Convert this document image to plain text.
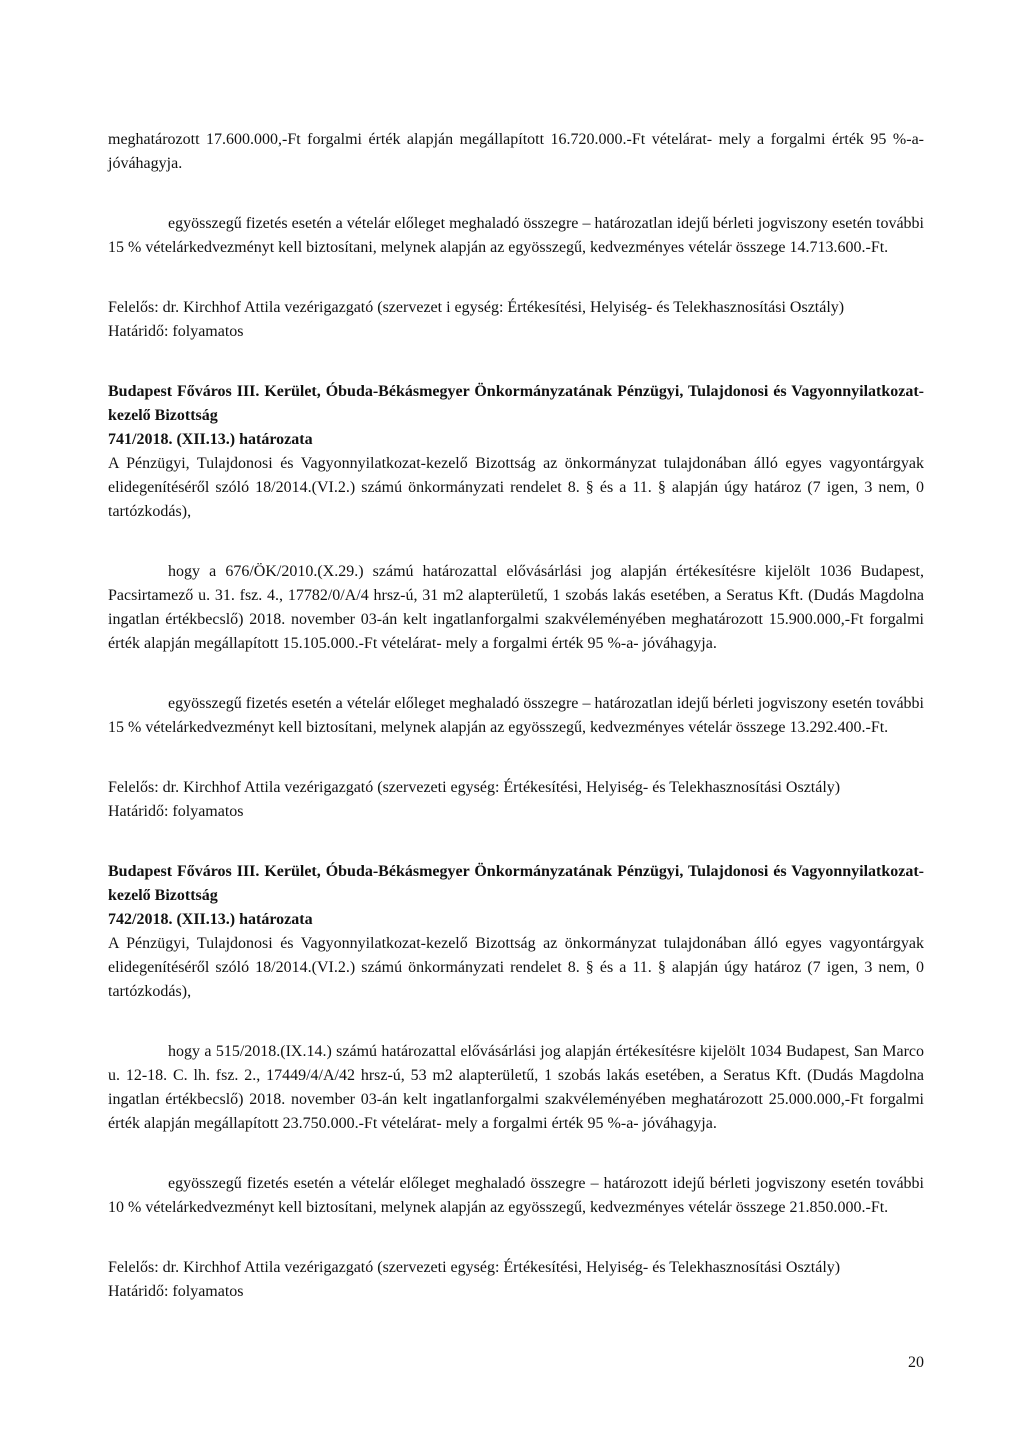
meghatározott 17.600.000,-Ft forgalmi érték alapján megállapított 16.720.000.-Ft vételárat- mely a forgalmi érték 95 %-a- jóváhagyja.

egyösszegű fizetés esetén a vételár előleget meghaladó összegre – határozatlan idejű bérleti jogviszony esetén további 15 % vételárkedvezményt kell biztosítani, melynek alapján az egyösszegű, kedvezményes vételár összege 14.713.600.-Ft.

Felelős: dr. Kirchhof Attila vezérigazgató (szervezet i egység: Értékesítési, Helyiség- és Telekhasznosítási Osztály)

Határidő: folyamatos

Budapest Főváros III. Kerület, Óbuda-Békásmegyer Önkormányzatának Pénzügyi, Tulajdonosi és Vagyonnyilatkozat-kezelő Bizottság

741/2018. (XII.13.) határozata

A Pénzügyi, Tulajdonosi és Vagyonnyilatkozat-kezelő Bizottság az önkormányzat tulajdonában álló egyes vagyontárgyak elidegenítéséről szóló 18/2014.(VI.2.) számú önkormányzati rendelet 8. § és a 11. § alapján úgy határoz (7 igen, 3 nem, 0 tartózkodás),

hogy a 676/ÖK/2010.(X.29.) számú határozattal elővásárlási jog alapján értékesítésre kijelölt 1036 Budapest, Pacsirtamező u. 31. fsz. 4., 17782/0/A/4 hrsz-ú, 31 m2 alapterületű, 1 szobás lakás esetében, a Seratus Kft. (Dudás Magdolna ingatlan értékbecslő) 2018. november 03-án kelt ingatlanforgalmi szakvéleményében meghatározott 15.900.000,-Ft forgalmi érték alapján megállapított 15.105.000.-Ft vételárat- mely a forgalmi érték 95 %-a- jóváhagyja.

egyösszegű fizetés esetén a vételár előleget meghaladó összegre – határozatlan idejű bérleti jogviszony esetén további 15 % vételárkedvezményt kell biztosítani, melynek alapján az egyösszegű, kedvezményes vételár összege 13.292.400.-Ft.

Felelős: dr. Kirchhof Attila vezérigazgató (szervezeti egység: Értékesítési, Helyiség- és Telekhasznosítási Osztály)

Határidő: folyamatos

Budapest Főváros III. Kerület, Óbuda-Békásmegyer Önkormányzatának Pénzügyi, Tulajdonosi és Vagyonnyilatkozat-kezelő Bizottság

742/2018. (XII.13.) határozata

A Pénzügyi, Tulajdonosi és Vagyonnyilatkozat-kezelő Bizottság az önkormányzat tulajdonában álló egyes vagyontárgyak elidegenítéséről szóló 18/2014.(VI.2.) számú önkormányzati rendelet 8. § és a 11. § alapján úgy határoz (7 igen, 3 nem, 0 tartózkodás),

hogy a 515/2018.(IX.14.) számú határozattal elővásárlási jog alapján értékesítésre kijelölt 1034 Budapest, San Marco u. 12-18. C. lh. fsz. 2., 17449/4/A/42 hrsz-ú, 53 m2 alapterületű, 1 szobás lakás esetében, a Seratus Kft. (Dudás Magdolna ingatlan értékbecslő) 2018. november 03-án kelt ingatlanforgalmi szakvéleményében meghatározott 25.000.000,-Ft forgalmi érték alapján megállapított 23.750.000.-Ft vételárat- mely a forgalmi érték 95 %-a- jóváhagyja.

egyösszegű fizetés esetén a vételár előleget meghaladó összegre – határozott idejű bérleti jogviszony esetén további 10 % vételárkedvezményt kell biztosítani, melynek alapján az egyösszegű, kedvezményes vételár összege 21.850.000.-Ft.

Felelős: dr. Kirchhof Attila vezérigazgató (szervezeti egység: Értékesítési, Helyiség- és Telekhasznosítási Osztály)

Határidő: folyamatos

20
